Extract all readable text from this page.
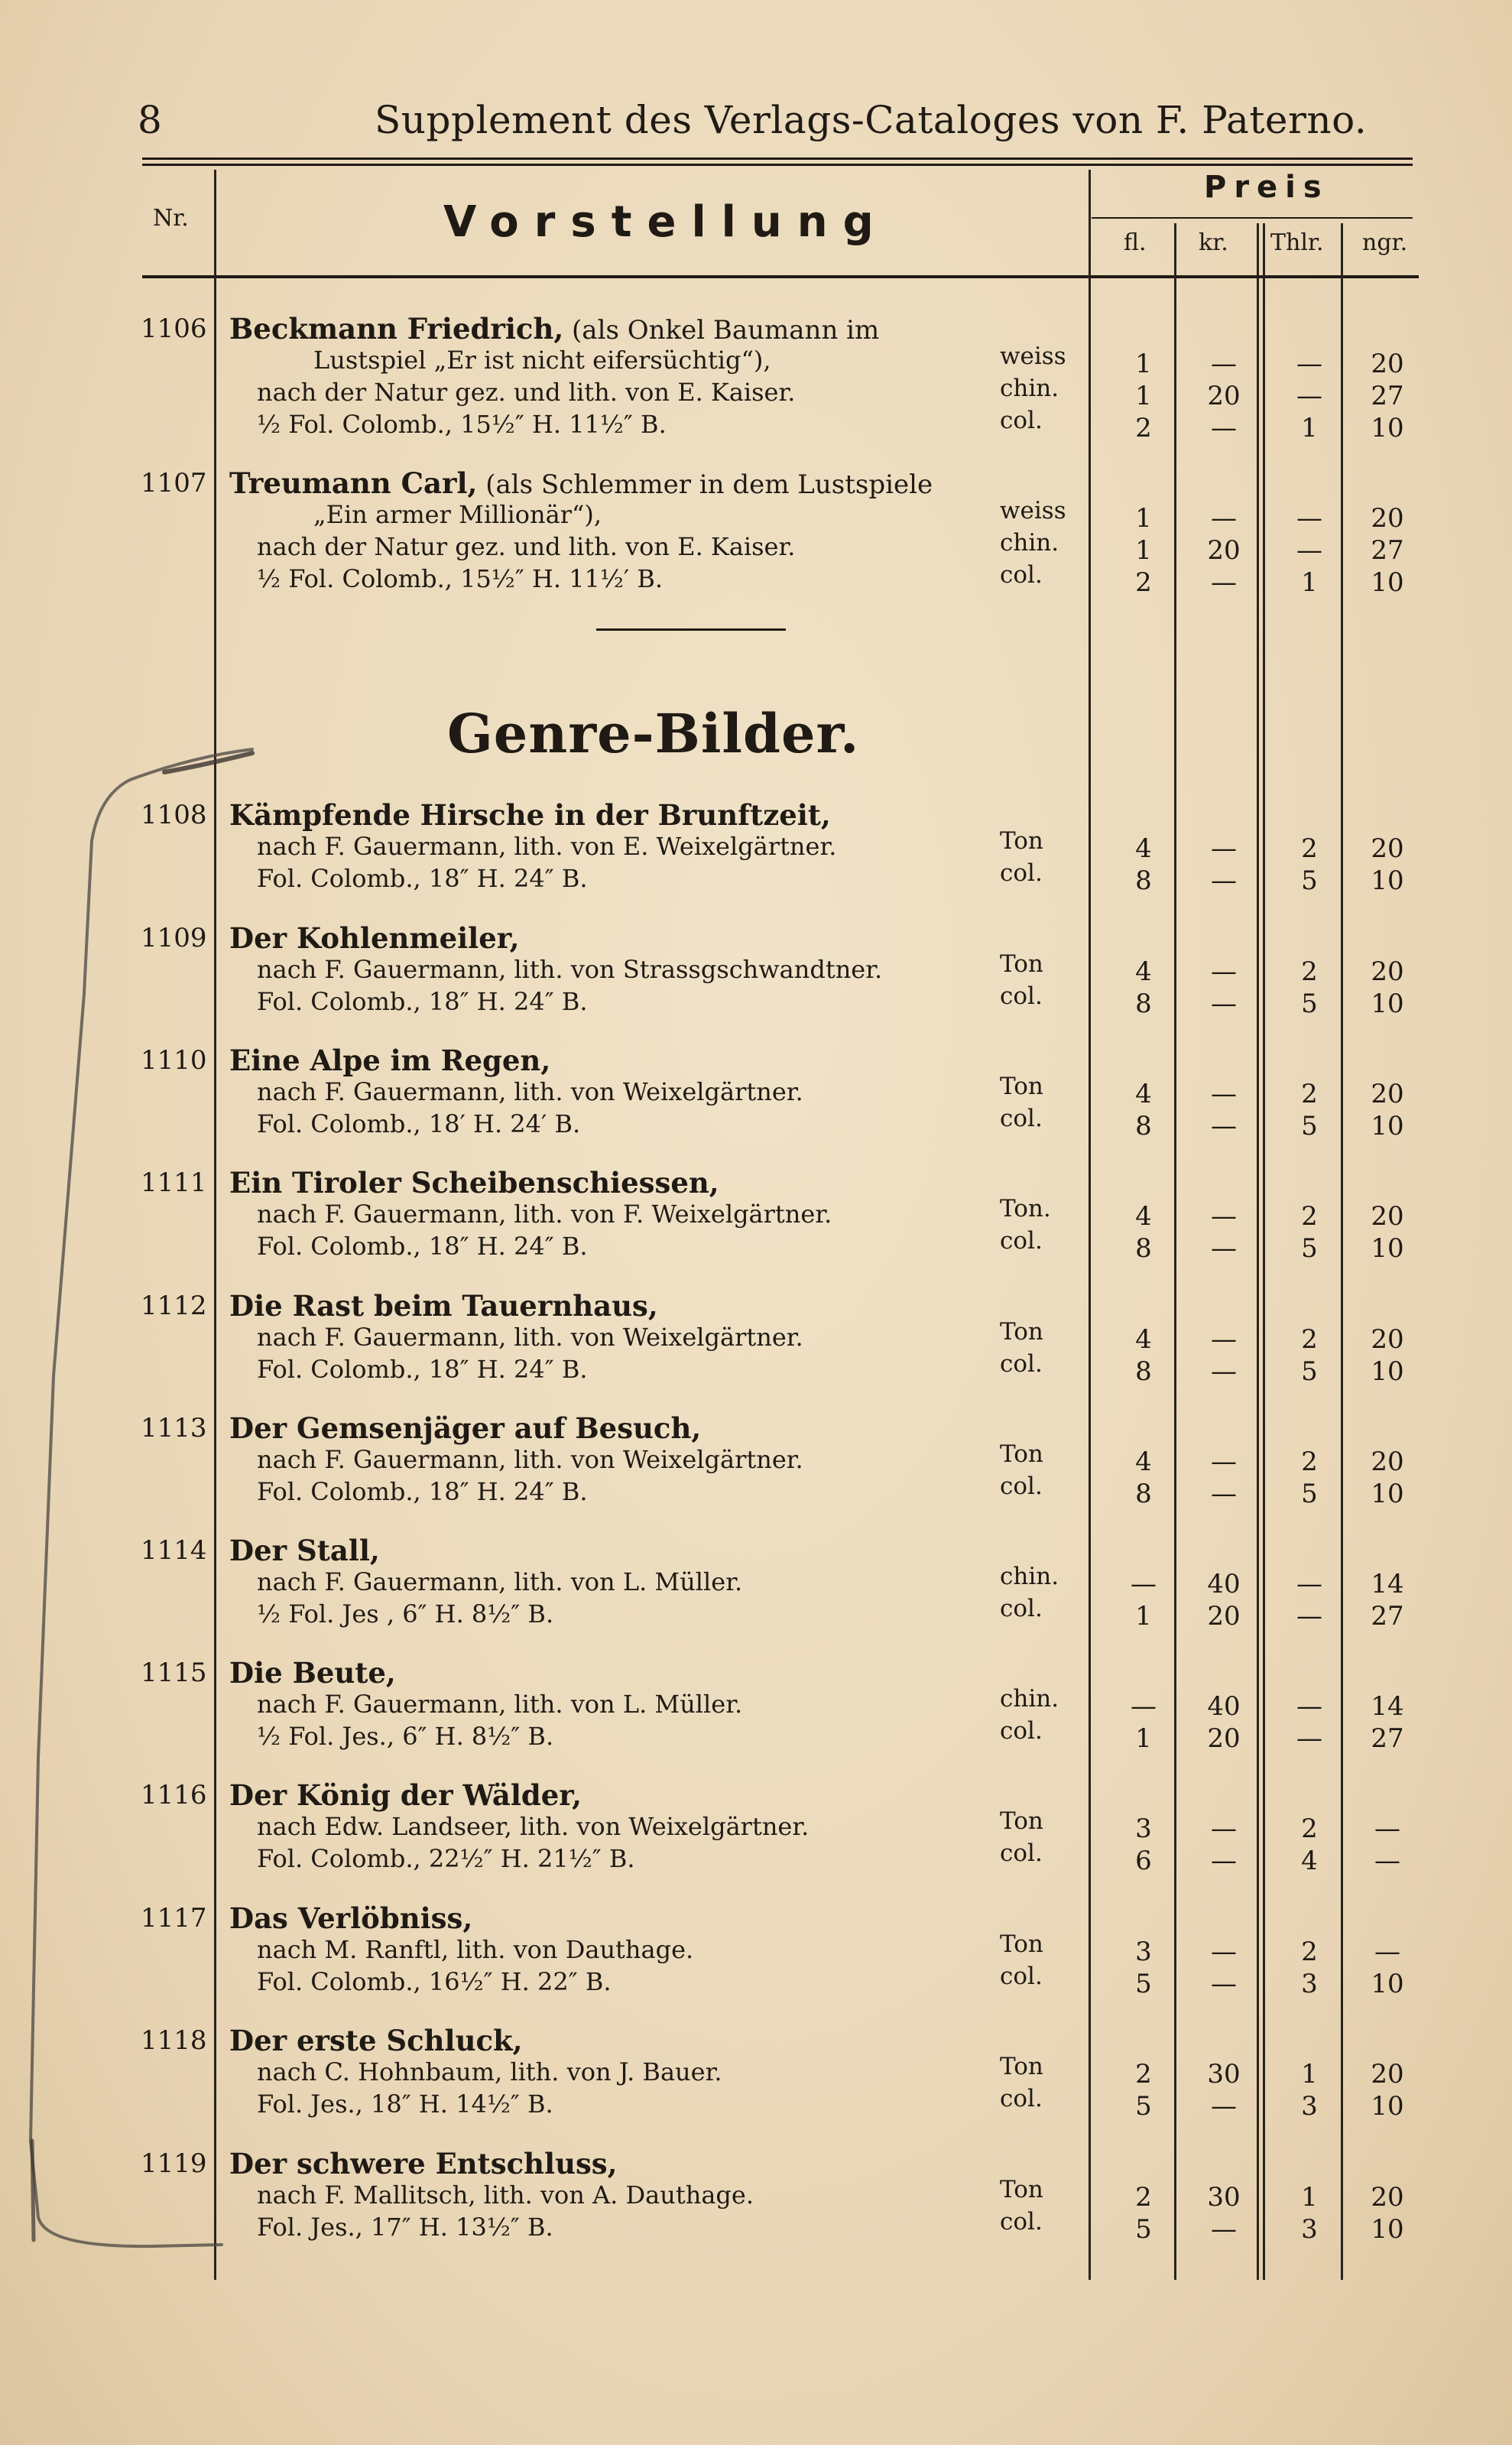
8	Supplement des Verlags-Cataloges von F. Paterno.
Nr.	Vorstellung
Preis
fl. kr. Thlr. ngr.
Genre-Bilder.
1106 Beckmann Friedrich, (als Onkel Baumann im
Lustspiel „Er ist nicht eifersüchtig“),
nach der Natur gez. und lith. von E. Kaiser.
½ Fol. Colomb., 15½″ H. 11½″ B.
weiss	1	—	—	20
chin.	1	20	—	27
col.	2	—	1	10
1107 Treumann Carl, (als Schlemmer in dem Lustspiele
„Ein armer Millionär“),
nach der Natur gez. und lith. von E. Kaiser.
½ Fol. Colomb., 15½″ H. 11½′ B.
weiss	1	—	—	20
chin.	1	20	—	27
col.	2	—	1	10
1108 Kämpfende Hirsche in der Brunftzeit,
nach F. Gauermann, lith. von E. Weixelgärtner.
Fol. Colomb., 18″ H. 24″ B.
Ton	4	—	2	20
col.	8	—	5	10
1109 Der Kohlenmeiler,
nach F. Gauermann, lith. von Strassgschwandtner.
Fol. Colomb., 18″ H. 24″ B.
Ton	4	—	2	20
col.	8	—	5	10
1110 Eine Alpe im Regen,
nach F. Gauermann, lith. von Weixelgärtner.
Fol. Colomb., 18′ H. 24′ B.
Ton	4	—	2	20
col.	8	—	5	10
1111 Ein Tiroler Scheibenschiessen,
nach F. Gauermann, lith. von F. Weixelgärtner.
Fol. Colomb., 18″ H. 24″ B.
Ton.	4	—	2	20
col.	8	—	5	10
1112 Die Rast beim Tauernhaus,
nach F. Gauermann, lith. von Weixelgärtner.
Fol. Colomb., 18″ H. 24″ B.
Ton	4	—	2	20
col.	8	—	5	10
1113 Der Gemsenjäger auf Besuch,
nach F. Gauermann, lith. von Weixelgärtner.
Fol. Colomb., 18″ H. 24″ B.
Ton	4	—	2	20
col.	8	—	5	10
1114 Der Stall,
nach F. Gauermann, lith. von L. Müller.
½ Fol. Jes , 6″ H. 8½″ B.
chin.	—	40	—	14
col.	1	20	—	27
1115 Die Beute,
nach F. Gauermann, lith. von L. Müller.
½ Fol. Jes., 6″ H. 8½″ B.
chin.	—	40	—	14
col.	1	20	—	27
1116 Der König der Wälder,
nach Edw. Landseer, lith. von Weixelgärtner.
Fol. Colomb., 22½″ H. 21½″ B.
Ton	3	—	2	—
col.	6	—	4	—
1117 Das Verlöbniss,
nach M. Ranftl, lith. von Dauthage.
Fol. Colomb., 16½″ H. 22″ B.
Ton	3	—	2	—
col.	5	—	3	10
1118 Der erste Schluck,
nach C. Hohnbaum, lith. von J. Bauer.
Fol. Jes., 18″ H. 14½″ B.
Ton	2	30	1	20
col.	5	—	3	10
1119 Der schwere Entschluss,
nach F. Mallitsch, lith. von A. Dauthage.
Fol. Jes., 17″ H. 13½″ B.
Ton	2	30	1	20
col.	5	—	3	10
